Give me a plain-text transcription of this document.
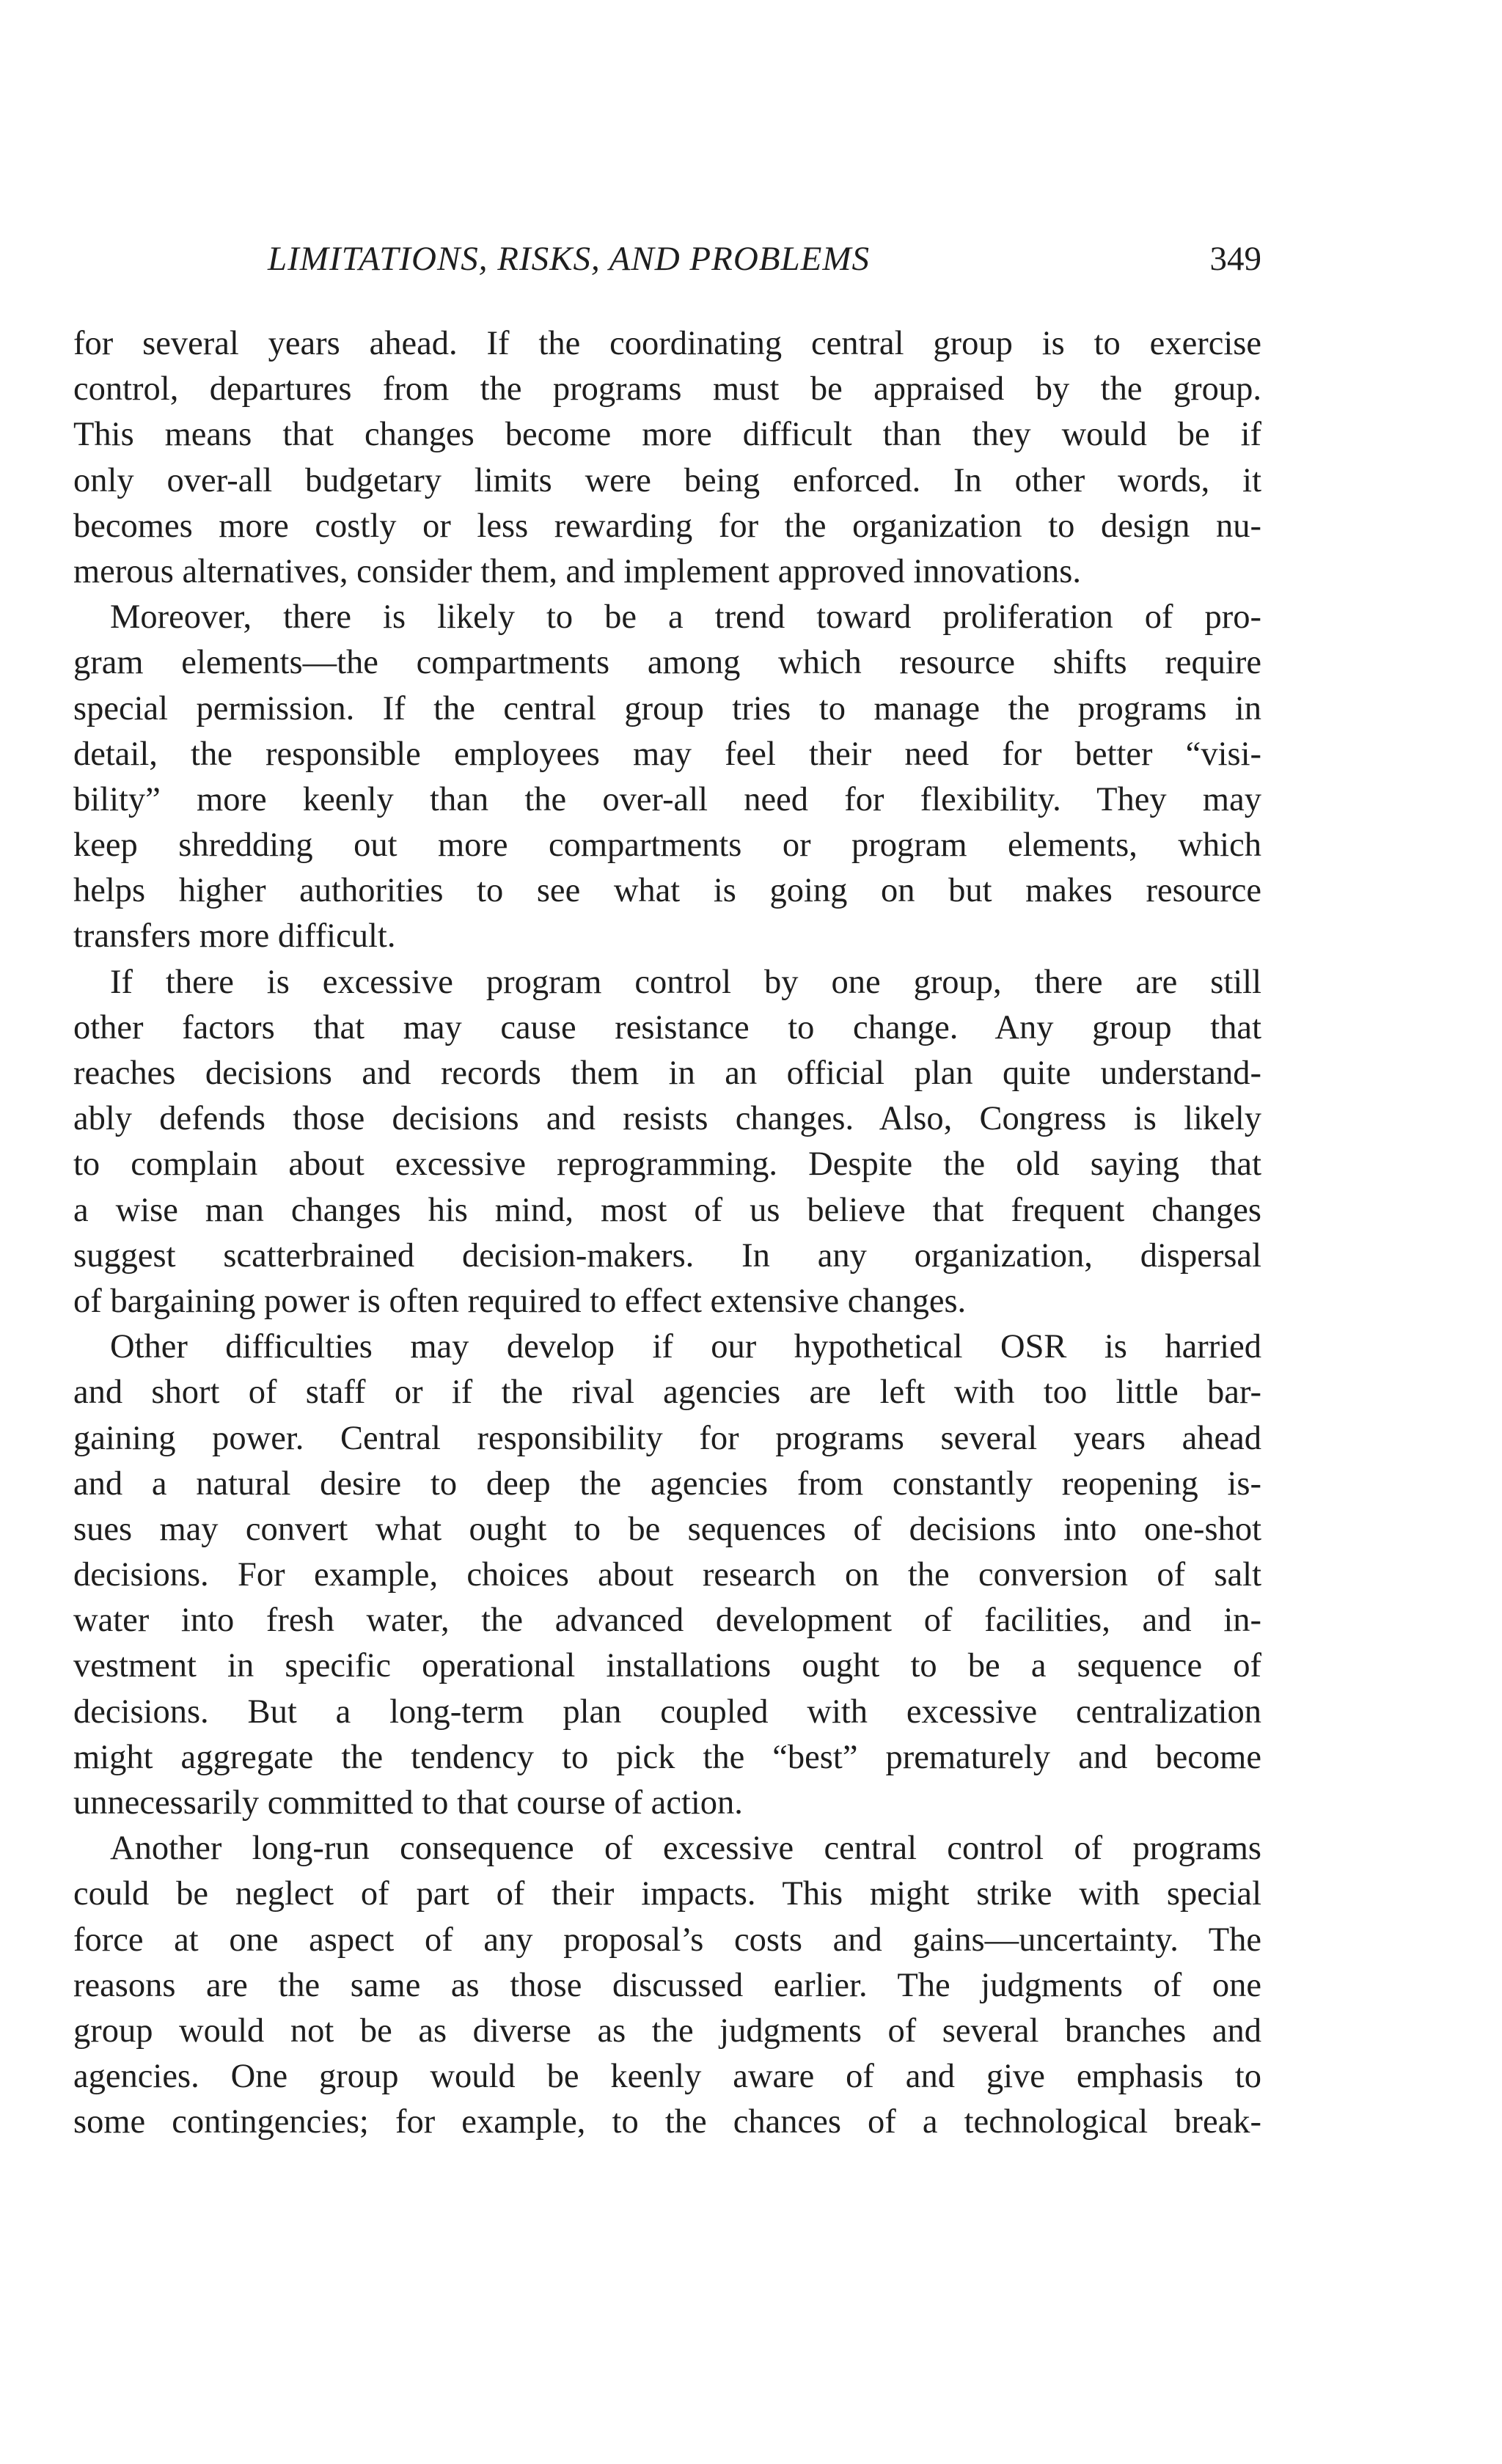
LIMITATIONS, RISKS, AND PROBLEMS	349
for several years ahead. If the coordinating central group is to exercise
control, departures from the programs must be appraised by the group.
This means that changes become more difficult than they would be if
only over-all budgetary limits were being enforced. In other words, it
becomes more costly or less rewarding for the organization to design nu-
merous alternatives, consider them, and implement approved innovations.
Moreover, there is likely to be a trend toward proliferation of pro-
gram elements—the compartments among which resource shifts require
special permission. If the central group tries to manage the programs in
detail, the responsible employees may feel their need for better “visi-
bility” more keenly than the over-all need for flexibility. They may
keep shredding out more compartments or program elements, which
helps higher authorities to see what is going on but makes resource
transfers more difficult.
If there is excessive program control by one group, there are still
other factors that may cause resistance to change. Any group that
reaches decisions and records them in an official plan quite understand-
ably defends those decisions and resists changes. Also, Congress is likely
to complain about excessive reprogramming. Despite the old saying that
a wise man changes his mind, most of us believe that frequent changes
suggest scatterbrained decision-makers. In any organization, dispersal
of bargaining power is often required to effect extensive changes.
Other difficulties may develop if our hypothetical OSR is harried
and short of staff or if the rival agencies are left with too little bar-
gaining power. Central responsibility for programs several years ahead
and a natural desire to deep the agencies from constantly reopening is-
sues may convert what ought to be sequences of decisions into one-shot
decisions. For example, choices about research on the conversion of salt
water into fresh water, the advanced development of facilities, and in-
vestment in specific operational installations ought to be a sequence of
decisions. But a long-term plan coupled with excessive centralization
might aggregate the tendency to pick the “best” prematurely and become
unnecessarily committed to that course of action.
Another long-run consequence of excessive central control of programs
could be neglect of part of their impacts. This might strike with special
force at one aspect of any proposal’s costs and gains—uncertainty. The
reasons are the same as those discussed earlier. The judgments of one
group would not be as diverse as the judgments of several branches and
agencies. One group would be keenly aware of and give emphasis to
some contingencies; for example, to the chances of a technological break-
